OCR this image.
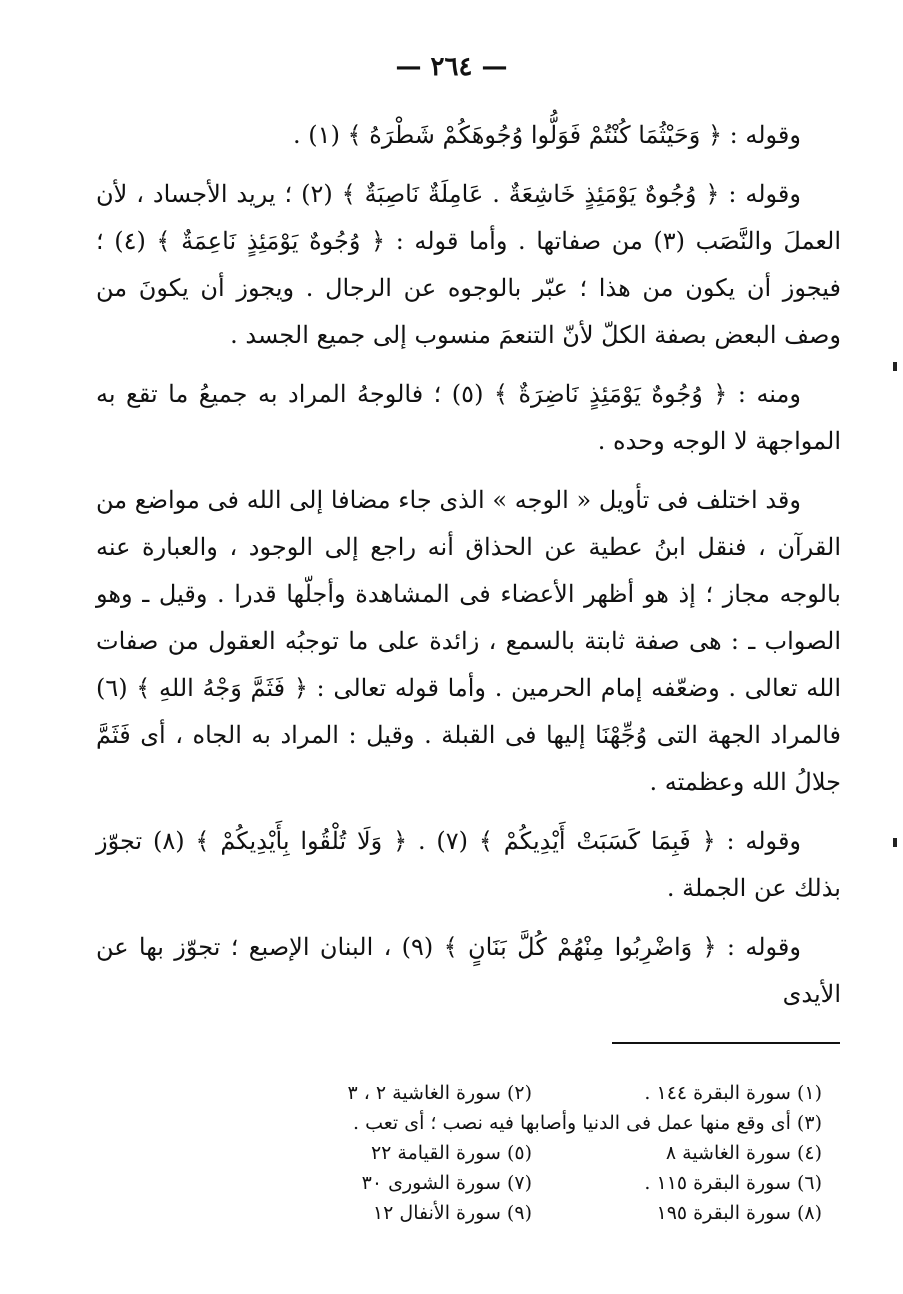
— ٢٦٤ —

وقوله : ﴿ وَحَيْثُمَا كُنْتُمْ فَوَلُّوا وُجُوهَكُمْ شَطْرَهُ ﴾ (١) .

وقوله : ﴿ وُجُوهٌ يَوْمَئِذٍ خَاشِعَةٌ . عَامِلَةٌ نَاصِبَةٌ ﴾ (٢) ؛ يريد الأجساد ، لأن العملَ والنَّصَب (٣) من صفاتها . وأما قوله : ﴿ وُجُوهٌ يَوْمَئِذٍ نَاعِمَةٌ ﴾ (٤) ؛ فيجوز أن يكون من هذا ؛ عبّر بالوجوه عن الرجال . ويجوز أن يكونَ من وصف البعض بصفة الكلّ لأنّ التنعمَ منسوب إلى جميع الجسد .

ومنه : ﴿ وُجُوهٌ يَوْمَئِذٍ نَاضِرَةٌ ﴾ (٥) ؛ فالوجهُ المراد به جميعُ ما تقع به المواجهة لا الوجه وحده .

وقد اختلف فى تأويل « الوجه » الذى جاء مضافا إلى الله فى مواضع من القرآن ، فنقل ابنُ عطية عن الحذاق أنه راجع إلى الوجود ، والعبارة عنه بالوجه مجاز ؛ إذ هو أظهر الأعضاء فى المشاهدة وأجلّها قدرا . وقيل ـ وهو الصواب ـ : هى صفة ثابتة بالسمع ، زائدة على ما توجبُه العقول من صفات الله تعالى . وضعّفه إمام الحرمين . وأما قوله تعالى : ﴿ فَثَمَّ وَجْهُ اللهِ ﴾ (٦) فالمراد الجهة التى وُجِّهْنَا إليها فى القبلة . وقيل : المراد به الجاه ، أى فَثَمَّ جلالُ الله وعظمته .

وقوله : ﴿ فَبِمَا كَسَبَتْ أَيْدِيكُمْ ﴾ (٧) . ﴿ وَلَا تُلْقُوا بِأَيْدِيكُمْ ﴾ (٨) تجوّز بذلك عن الجملة .

وقوله : ﴿ وَاضْرِبُوا مِنْهُمْ كُلَّ بَنَانٍ ﴾ (٩) ، البنان الإصبع ؛ تجوّز بها عن الأيدى

(١) سورة البقرة ١٤٤ .
(٢) سورة الغاشية ٢ ، ٣
(٣) أى وقع منها عمل فى الدنيا وأصابها فيه نصب ؛ أى تعب .
(٤) سورة الغاشية ٨
(٥) سورة القيامة ٢٢
(٦) سورة البقرة ١١٥ .
(٧) سورة الشورى ٣٠
(٨) سورة البقرة ١٩٥
(٩) سورة الأنفال ١٢
